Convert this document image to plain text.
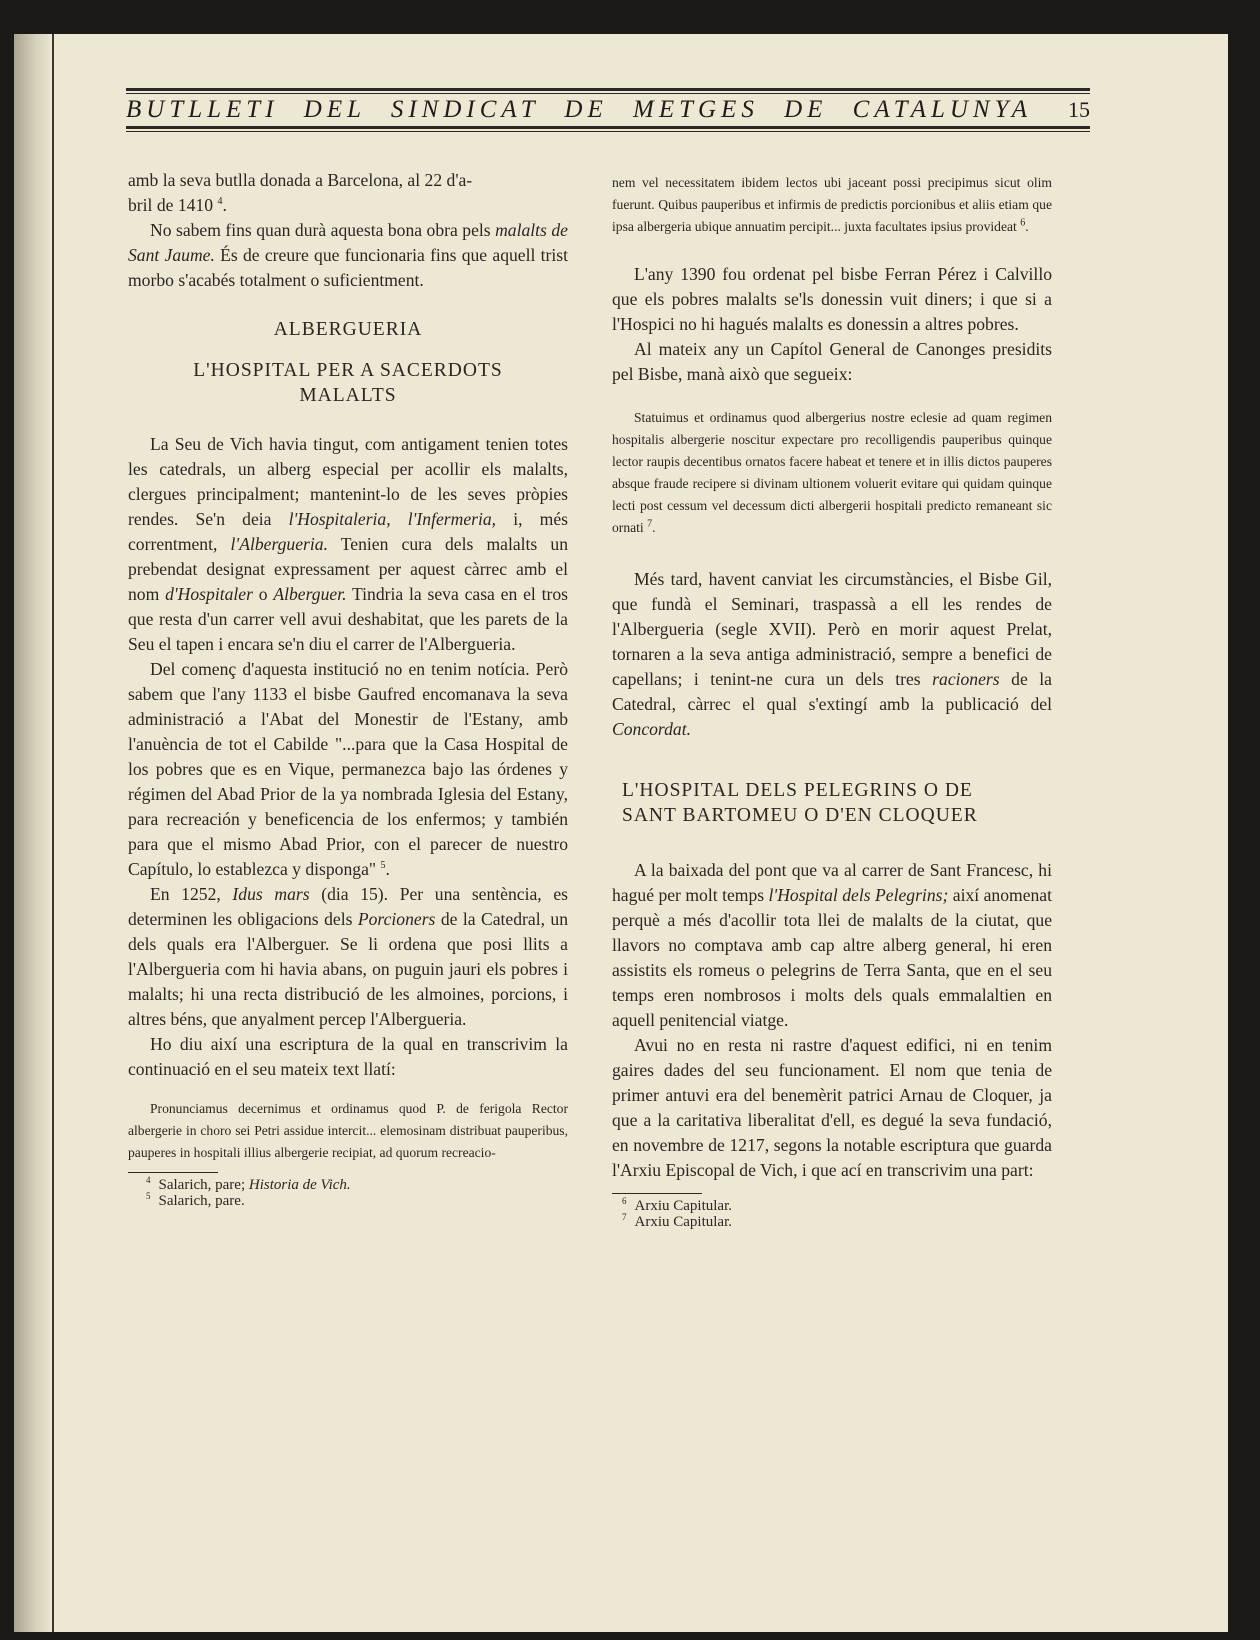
BUTLLETI DEL SINDICAT DE METGES DE CATALUNYA	15

amb la seva butlla donada a Barcelona, al 22 d'a-
bril de 1410 $^4$.

No sabem fins quan durà aquesta bona obra pels malalts de Sant Jaume. És de creure que funcionaria fins que aquell trist morbo s'acabés totalment o suficientment.

ALBERGUERIA
L'HOSPITAL PER A SACERDOTS MALALTS

La Seu de Vich havia tingut, com antigament tenien totes les catedrals, un alberg especial per acollir els malalts, clergues principalment; mantenint-lo de les seves pròpies rendes. Se'n deia l'Hospitaleria, l'Infermeria, i, més correntment, l'Albergueria. Tenien cura dels malalts un prebendat designat expressament per aquest càrrec amb el nom d'Hospitaler o Alberguer. Tindria la seva casa en el tros que resta d'un carrer vell avui deshabitat, que les parets de la Seu el tapen i encara se'n diu el carrer de l'Albergueria.

Del començ d'aquesta institució no en tenim notícia. Però sabem que l'any 1133 el bisbe Gaufred encomanava la seva administració a l'Abat del Monestir de l'Estany, amb l'anuència de tot el Cabilde "...para que la Casa Hospital de los pobres que es en Vique, permanezca bajo las órdenes y régimen del Abad Prior de la ya nombrada Iglesia del Estany, para recreación y beneficencia de los enfermos; y también para que el mismo Abad Prior, con el parecer de nuestro Capítulo, lo establezca y disponga" $^5$.

En 1252, Idus mars (dia 15). Per una sentència, es determinen les obligacions dels Porcioners de la Catedral, un dels quals era l'Alberguer. Se li ordena que posi llits a l'Albergueria com hi havia abans, on puguin jauri els pobres i malalts; hi una recta distribució de les almoines, porcions, i altres béns, que anyalment percep l'Albergueria.

Ho diu així una escriptura de la qual en transcrivim la continuació en el seu mateix text llatí:

Pronunciamus decernimus et ordinamus quod P. de ferigola Rector albergerie in choro sei Petri assidue intercit... elemosinam distribuat pauperibus, pauperes in hospitali illius albergerie recipiat, ad quorum recreacio-

$^4$ Salarich, pare; Historia de Vich.
$^5$ Salarich, pare.

nem vel necessitatem ibidem lectos ubi jaceant possi precipimus sicut olim fuerunt. Quibus pauperibus et infirmis de predictis porcionibus et aliis etiam que ipsa albergeria ubique annuatim percipit... juxta facultates ipsius provideat $^6$.

L'any 1390 fou ordenat pel bisbe Ferran Pérez i Calvillo que els pobres malalts se'ls donessin vuit diners; i que si a l'Hospici no hi hagués malalts es donessin a altres pobres.

Al mateix any un Capítol General de Canonges presidits pel Bisbe, manà això que segueix:

Statuimus et ordinamus quod albergerius nostre eclesie ad quam regimen hospitalis albergerie noscitur expectare pro recolligendis pauperibus quinque lector raupis decentibus ornatos facere habeat et tenere et in illis dictos pauperes absque fraude recipere si divinam ultionem voluerit evitare qui quidam quinque lecti post cessum vel decessum dicti albergerii hospitali predicto remaneant sic ornati $^7$.

Més tard, havent canviat les circumstàncies, el Bisbe Gil, que fundà el Seminari, traspassà a ell les rendes de l'Albergueria (segle XVII). Però en morir aquest Prelat, tornaren a la seva antiga administració, sempre a benefici de capellans; i tenint-ne cura un dels tres racioners de la Catedral, càrrec el qual s'extingí amb la publicació del Concordat.

L'HOSPITAL DELS PELEGRINS O DE SANT BARTOMEU O D'EN CLOQUER

A la baixada del pont que va al carrer de Sant Francesc, hi hagué per molt temps l'Hospital dels Pelegrins; així anomenat perquè a més d'acollir tota llei de malalts de la ciutat, que llavors no comptava amb cap altre alberg general, hi eren assistits els romeus o pelegrins de Terra Santa, que en el seu temps eren nombrosos i molts dels quals emmalaltien en aquell penitencial viatge.

Avui no en resta ni rastre d'aquest edifici, ni en tenim gaires dades del seu funcionament. El nom que tenia de primer antuvi era del benemèrit patrici Arnau de Cloquer, ja que a la caritativa liberalitat d'ell, es degué la seva fundació, en novembre de 1217, segons la notable escriptura que guarda l'Arxiu Episcopal de Vich, i que ací en transcrivim una part:

$^6$ Arxiu Capitular.
$^7$ Arxiu Capitular.
